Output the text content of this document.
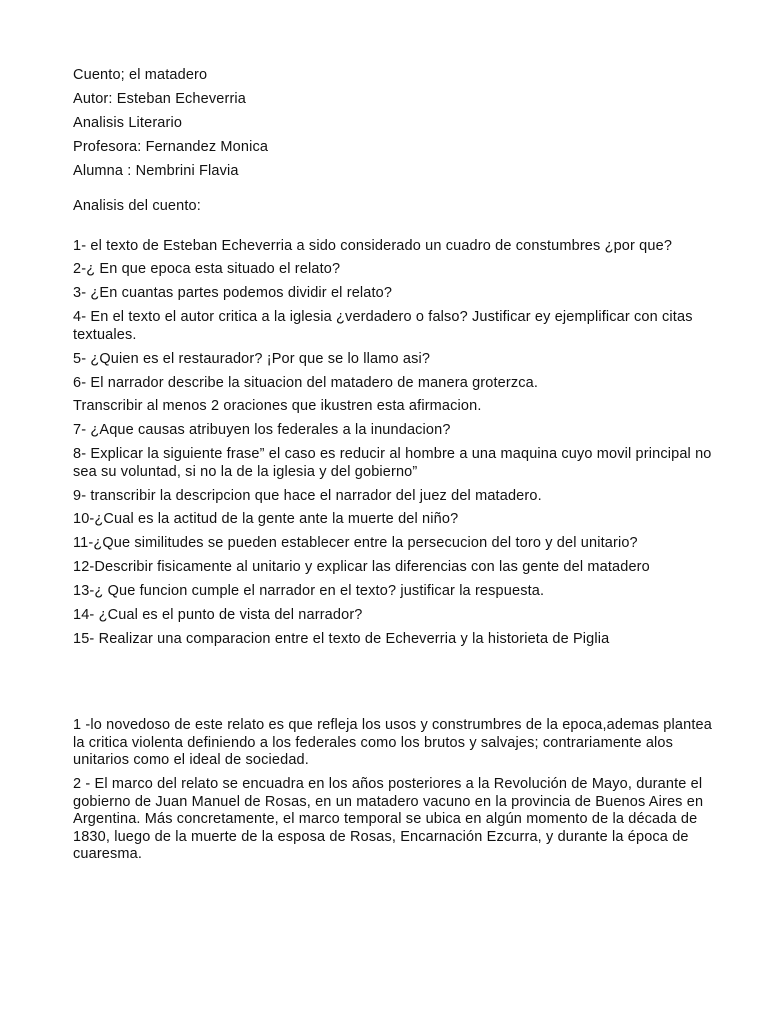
Cuento; el matadero

Autor: Esteban Echeverria

Analisis Literario

Profesora: Fernandez Monica

Alumna : Nembrini Flavia

Analisis del cuento:

1- el texto de Esteban Echeverria a sido considerado un cuadro de constumbres ¿por que?

2-¿ En que epoca esta situado el relato?

3- ¿En cuantas partes podemos dividir el relato?

4- En el texto el autor critica a la iglesia ¿verdadero o falso? Justificar ey ejemplificar con citas textuales.

5- ¿Quien es el restaurador? ¡Por que se lo llamo asi?

6- El narrador describe la situacion del matadero de manera groterzca.

Transcribir al menos 2 oraciones que ikustren esta afirmacion.

7- ¿Aque causas atribuyen los federales a la inundacion?

8- Explicar la siguiente frase” el caso es reducir al hombre a una maquina cuyo movil principal no sea su voluntad, si no la de la iglesia y del gobierno”

9- transcribir la descripcion que hace el narrador del juez del matadero.

10-¿Cual es la actitud de la gente ante la muerte del niño?

11-¿Que similitudes se pueden establecer entre la persecucion del toro y del unitario?

12-Describir fisicamente al unitario y explicar las diferencias con las gente del matadero

13-¿ Que funcion cumple el narrador en el texto? justificar la respuesta.

14- ¿Cual es el punto de vista del narrador?

15- Realizar una comparacion entre el texto de Echeverria y la historieta de Piglia

1 -lo novedoso de este relato es que refleja los usos y construmbres de la epoca,ademas plantea la critica violenta definiendo a los federales como los brutos y salvajes; contrariamente alos unitarios como el ideal de sociedad.

2 - El marco del relato se encuadra en los años posteriores a la Revolución de Mayo, durante el gobierno de Juan Manuel de Rosas, en un matadero vacuno en la provincia de Buenos Aires en Argentina. Más concretamente, el marco temporal se ubica en algún momento de la década de 1830, luego de la muerte de la esposa de Rosas, Encarnación Ezcurra, y durante la época de cuaresma.
